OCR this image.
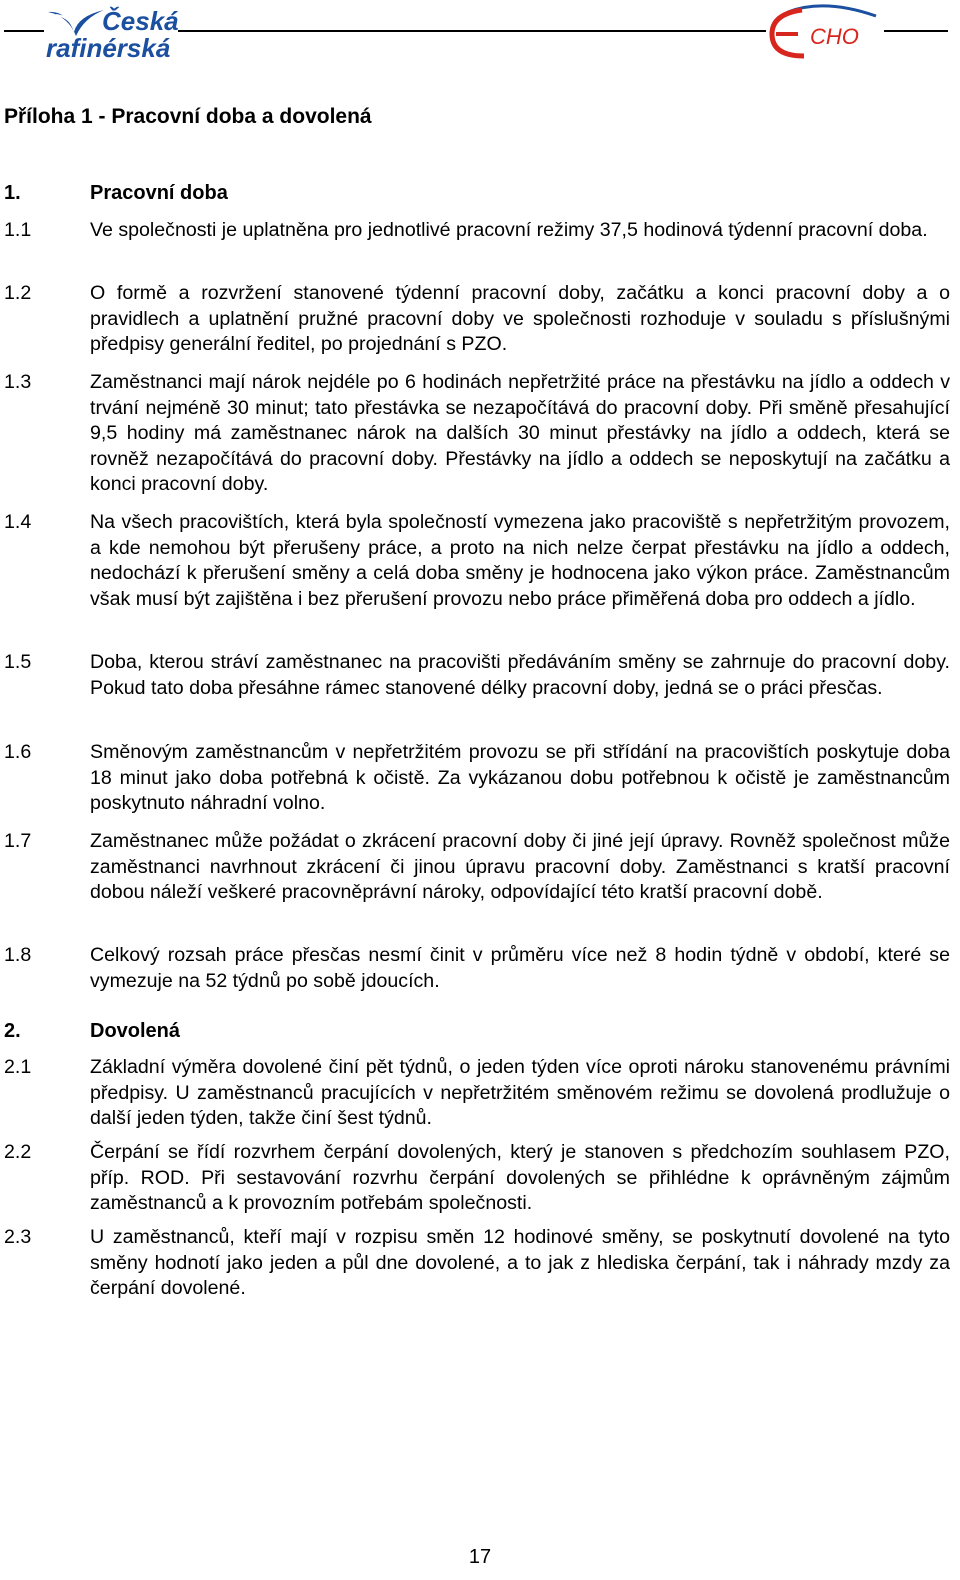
Česká
rafinérská	CHO
Příloha 1 - Pracovní doba a dovolená
1.	Pracovní doba
1.1	Ve společnosti je uplatněna pro jednotlivé pracovní režimy 37,5 hodinová týdenní pracovní doba.
1.2	O formě a rozvržení stanovené týdenní pracovní doby, začátku a konci pracovní doby a o pravidlech a uplatnění pružné pracovní doby ve společnosti rozhoduje v souladu s příslušnými předpisy generální ředitel, po projednání s PZO.
1.3	Zaměstnanci mají nárok nejdéle po 6 hodinách nepřetržité práce na přestávku na jídlo a oddech v trvání nejméně 30 minut; tato přestávka se nezapočítává do pracovní doby. Při směně přesahující 9,5 hodiny má zaměstnanec nárok na dalších 30 minut přestávky na jídlo a oddech, která se rovněž nezapočítává do pracovní doby. Přestávky na jídlo a oddech se neposkytují na začátku a konci pracovní doby.
1.4	Na všech pracovištích, která byla společností vymezena jako pracoviště s nepřetržitým provozem, a kde nemohou být přerušeny práce, a proto na nich nelze čerpat přestávku na jídlo a oddech, nedochází k přerušení směny a celá doba směny je hodnocena jako výkon práce. Zaměstnancům však musí být zajištěna i bez přerušení provozu nebo práce přiměřená doba pro oddech a jídlo.
1.5	Doba, kterou stráví zaměstnanec na pracovišti předáváním směny se zahrnuje do pracovní doby. Pokud tato doba přesáhne rámec stanovené délky pracovní doby, jedná se o práci přesčas.
1.6	Směnovým zaměstnancům v nepřetržitém provozu se při střídání na pracovištích poskytuje doba 18 minut jako doba potřebná k očistě. Za vykázanou dobu potřebnou k očistě je zaměstnancům poskytnuto náhradní volno.
1.7	Zaměstnanec může požádat o zkrácení pracovní doby či jiné její úpravy. Rovněž společnost může zaměstnanci navrhnout zkrácení či jinou úpravu pracovní doby. Zaměstnanci s kratší pracovní dobou náleží veškeré pracovněprávní nároky, odpovídající této kratší pracovní době.
1.8	Celkový rozsah práce přesčas nesmí činit v průměru více než 8 hodin týdně v období, které se vymezuje na 52 týdnů po sobě jdoucích.
2.	Dovolená
2.1	Základní výměra dovolené činí pět týdnů, o jeden týden více oproti nároku stanovenému právními předpisy. U zaměstnanců pracujících v nepřetržitém směnovém režimu se dovolená prodlužuje o další jeden týden, takže činí šest týdnů.
2.2	Čerpání se řídí rozvrhem čerpání dovolených, který je stanoven s předchozím souhlasem PZO, příp. ROD. Při sestavování rozvrhu čerpání dovolených se přihlédne k oprávněným zájmům zaměstnanců a k provozním potřebám společnosti.
2.3	U zaměstnanců, kteří mají v rozpisu směn 12 hodinové směny, se poskytnutí dovolené na tyto směny hodnotí jako jeden a půl dne dovolené, a to jak z hlediska čerpání, tak i náhrady mzdy za čerpání dovolené.
17
